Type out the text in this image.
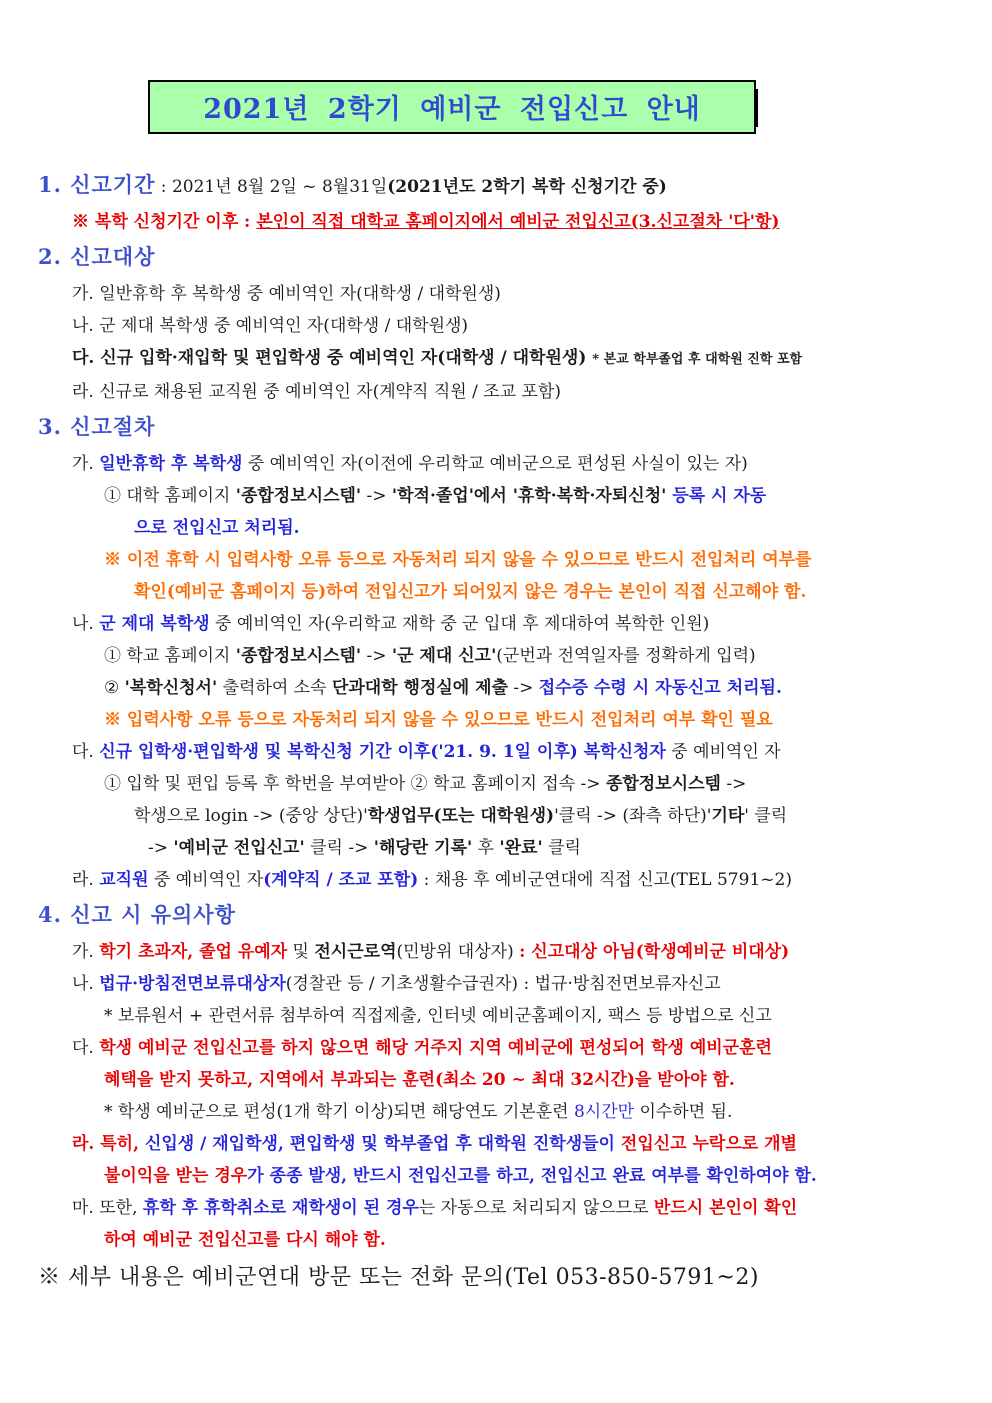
2021년 2학기 예비군 전입신고 안내
1. 신고기간 : 2021년 8월 2일 ~ 8월31일(2021년도 2학기 복학 신청기간 중)
※ 복학 신청기간 이후 : 본인이 직접 대학교 홈페이지에서 예비군 전입신고(3.신고절차 '다'항)
2. 신고대상
가. 일반휴학 후 복학생 중 예비역인 자(대학생 / 대학원생)
나. 군 제대 복학생 중 예비역인 자(대학생 / 대학원생)
다. 신규 입학·재입학 및 편입학생 중 예비역인 자(대학생 / 대학원생) * 본교 학부졸업 후 대학원 진학 포함
라. 신규로 채용된 교직원 중 예비역인 자(계약직 직원 / 조교 포함)
3. 신고절차
가. 일반휴학 후 복학생 중 예비역인 자(이전에 우리학교 예비군으로 편성된 사실이 있는 자)
① 대학 홈페이지 '종합정보시스템' -> '학적·졸업'에서 '휴학·복학·자퇴신청' 등록 시 자동
으로 전입신고 처리됨.
※ 이전 휴학 시 입력사항 오류 등으로 자동처리 되지 않을 수 있으므로 반드시 전입처리 여부를
확인(예비군 홈페이지 등)하여 전입신고가 되어있지 않은 경우는 본인이 직접 신고해야 함.
나. 군 제대 복학생 중 예비역인 자(우리학교 재학 중 군 입대 후 제대하여 복학한 인원)
① 학교 홈페이지 '종합정보시스템' -> '군 제대 신고'(군번과 전역일자를 정확하게 입력)
② '복학신청서' 출력하여 소속 단과대학 행정실에 제출 -> 접수증 수령 시 자동신고 처리됨.
※ 입력사항 오류 등으로 자동처리 되지 않을 수 있으므로 반드시 전입처리 여부 확인 필요
다. 신규 입학생·편입학생 및 복학신청 기간 이후('21. 9. 1일 이후) 복학신청자 중 예비역인 자
① 입학 및 편입 등록 후 학번을 부여받아 ② 학교 홈페이지 접속 -> 종합정보시스템 ->
학생으로 login -> (중앙 상단)'학생업무(또는 대학원생)'클릭 -> (좌측 하단)'기타' 클릭
-> '예비군 전입신고' 클릭 -> '해당란 기록' 후 '완료' 클릭
라. 교직원 중 예비역인 자(계약직 / 조교 포함) : 채용 후 예비군연대에 직접 신고(TEL 5791~2)
4. 신고 시 유의사항
가. 학기 초과자, 졸업 유예자 및 전시근로역(민방위 대상자) : 신고대상 아님(학생예비군 비대상)
나. 법규·방침전면보류대상자(경찰관 등 / 기초생활수급권자) : 법규·방침전면보류자신고
* 보류원서 + 관련서류 첨부하여 직접제출, 인터넷 예비군홈페이지, 팩스 등 방법으로 신고
다. 학생 예비군 전입신고를 하지 않으면 해당 거주지 지역 예비군에 편성되어 학생 예비군훈련
혜택을 받지 못하고, 지역에서 부과되는 훈련(최소 20 ~ 최대 32시간)을 받아야 함.
* 학생 예비군으로 편성(1개 학기 이상)되면 해당연도 기본훈련 8시간만 이수하면 됨.
라. 특히, 신입생 / 재입학생, 편입학생 및 학부졸업 후 대학원 진학생들이 전입신고 누락으로 개별
불이익을 받는 경우가 종종 발생, 반드시 전입신고를 하고, 전입신고 완료 여부를 확인하여야 함.
마. 또한, 휴학 후 휴학취소로 재학생이 된 경우는 자동으로 처리되지 않으므로 반드시 본인이 확인
하여 예비군 전입신고를 다시 해야 함.
※ 세부 내용은 예비군연대 방문 또는 전화 문의(Tel 053-850-5791~2)
